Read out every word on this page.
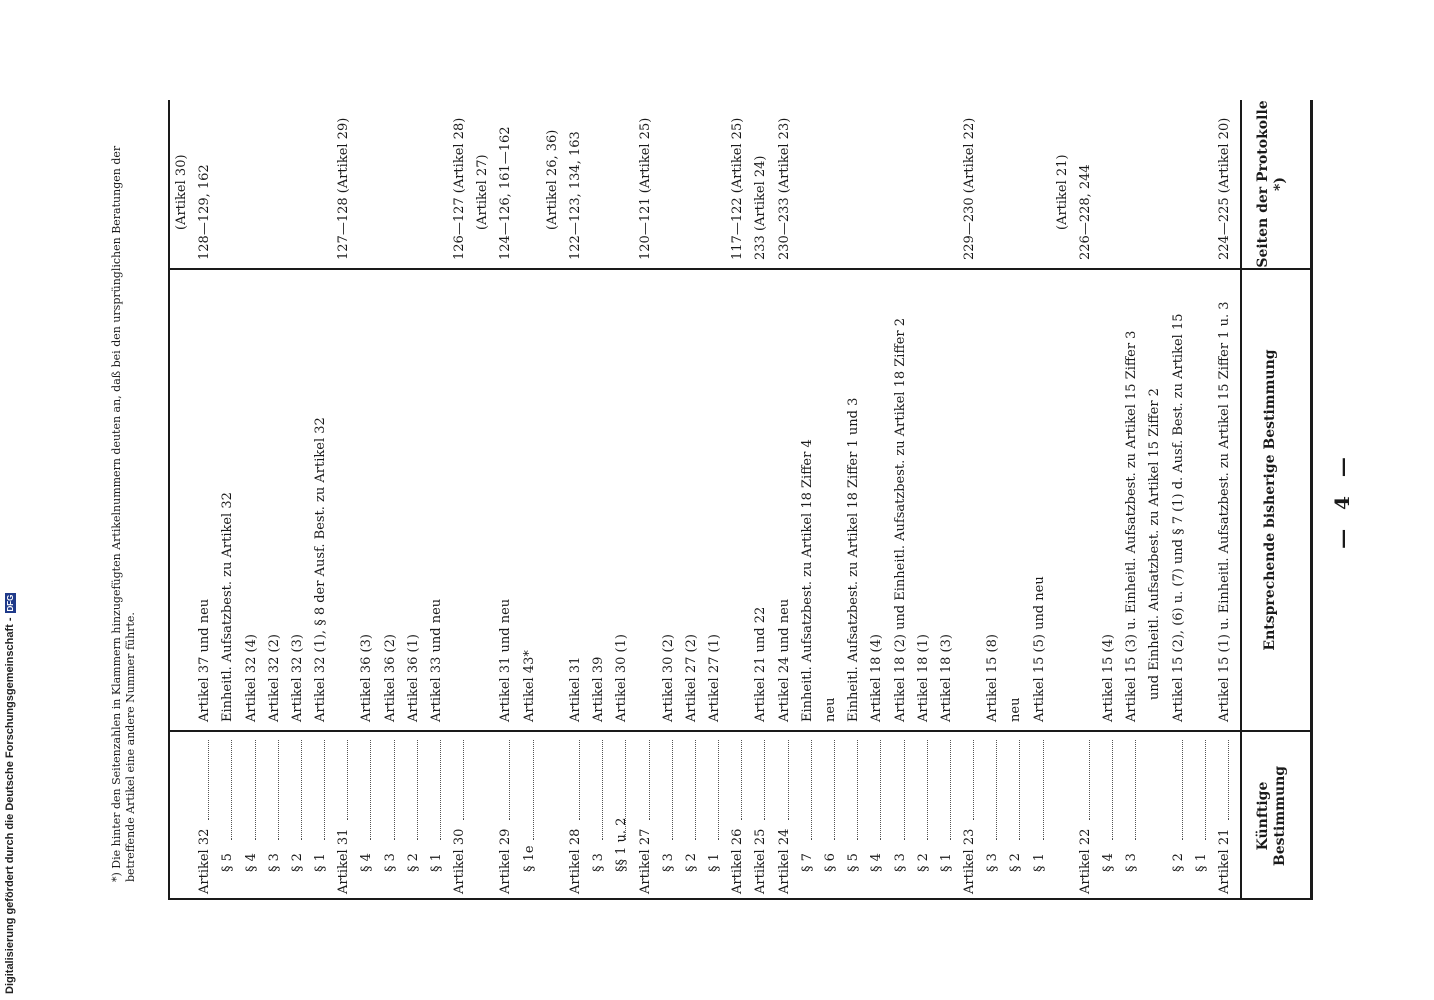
— 4 —
Künftige Bestimmung
Entsprechende bisherige Bestimmung
Seiten der Protokolle *)
Artikel 21
Artikel 15 (1) u. Einheitl. Aufsatzbest. zu Artikel 15 Ziffer 1 u. 3
224—225 (Artikel 20)
§ 1
§ 2
Artikel 15 (2), (6) u. (7) und § 7 (1) d. Ausf. Best. zu Artikel 15
und Einheitl. Aufsatzbest. zu Artikel 15 Ziffer 2
§ 3
Artikel 15 (3) u. Einheitl. Aufsatzbest. zu Artikel 15 Ziffer 3
§ 4
Artikel 15 (4)
Artikel 22
226—228, 244
(Artikel 21)
§ 1
Artikel 15 (5) und neu
§ 2
neu
§ 3
Artikel 15 (8)
Artikel 23
229—230 (Artikel 22)
§ 1
Artikel 18 (3)
§ 2
Artikel 18 (1)
§ 3
Artikel 18 (2) und Einheitl. Aufsatzbest. zu Artikel 18 Ziffer 2
§ 4
Artikel 18 (4)
§ 5
Einheitl. Aufsatzbest. zu Artikel 18 Ziffer 1 und 3
§ 6
neu
§ 7
Einheitl. Aufsatzbest. zu Artikel 18 Ziffer 4
Artikel 24
Artikel 24 und neu
230—233 (Artikel 23)
Artikel 25
Artikel 21 und 22
233 (Artikel 24)
Artikel 26
117—122 (Artikel 25)
§ 1
Artikel 27 (1)
§ 2
Artikel 27 (2)
§ 3
Artikel 30 (2)
Artikel 27
120—121 (Artikel 25)
§§ 1 u. 2
Artikel 30 (1)
§ 3
Artikel 39
Artikel 28
Artikel 31
122—123, 134, 163
(Artikel 26, 36)
§ 1e
Artikel 43*
Artikel 29
Artikel 31 und neu
124—126, 161—162
(Artikel 27)
Artikel 30
126—127 (Artikel 28)
§ 1
Artikel 33 und neu
§ 2
Artikel 36 (1)
§ 3
Artikel 36 (2)
§ 4
Artikel 36 (3)
Artikel 31
127—128 (Artikel 29)
§ 1
Artikel 32 (1), § 8 der Ausf. Best. zu Artikel 32
§ 2
Artikel 32 (3)
§ 3
Artikel 32 (2)
§ 4
Artikel 32 (4)
§ 5
Einheitl. Aufsatzbest. zu Artikel 32
Artikel 32
Artikel 37 und neu
128—129, 162
(Artikel 30)
*) Die hinter den Seitenzahlen in Klammern hinzugefügten Artikelnummern deuten an, daß bei den ursprünglichen Beratungen der betreffende Artikel eine andere Nummer führte.
Digitalisierung gefördert durch die Deutsche Forschungsgemeinschaft -DFG
